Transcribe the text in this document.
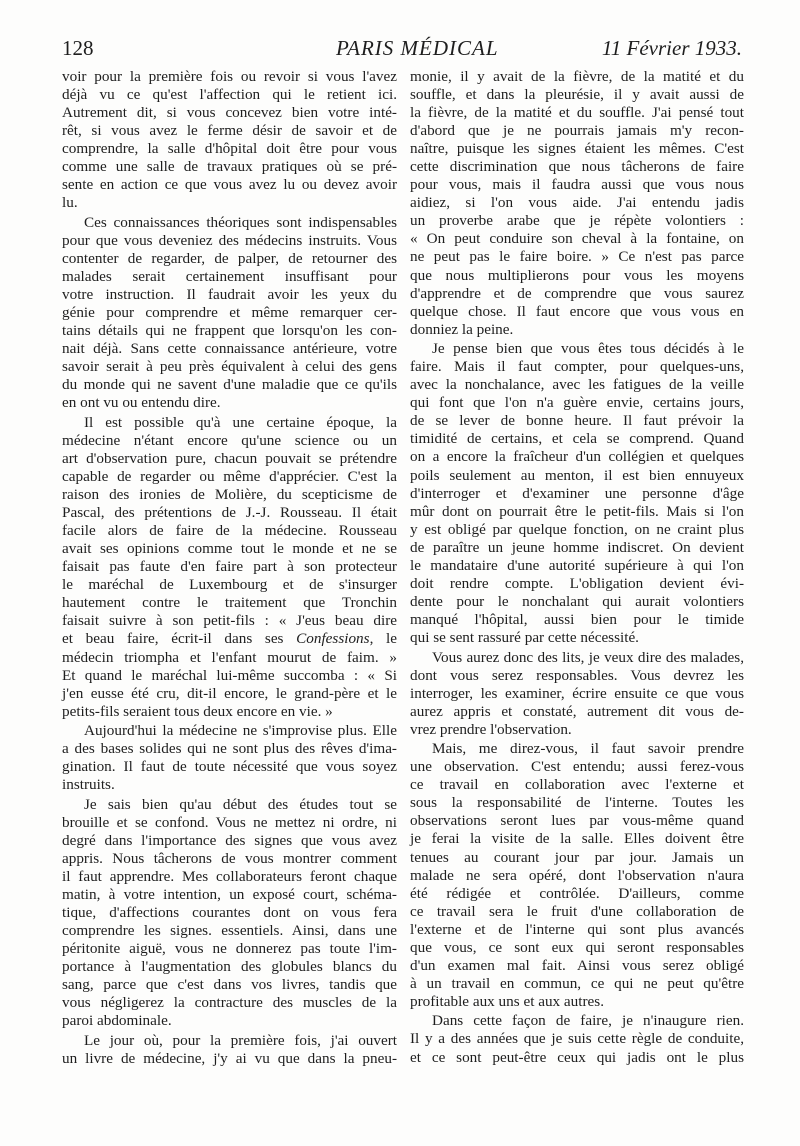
128	PARIS MÉDICAL	11 Février 1933.
voir pour la première fois ou revoir si vous l'avez
déjà vu ce qu'est l'affection qui le retient ici.
Autrement dit, si vous concevez bien votre inté-
rêt, si vous avez le ferme désir de savoir et de
comprendre, la salle d'hôpital doit être pour vous
comme une salle de travaux pratiques où se pré-
sente en action ce que vous avez lu ou devez avoir
lu.
Ces connaissances théoriques sont indispensables
pour que vous deveniez des médecins instruits. Vous
contenter de regarder, de palper, de retourner des
malades serait certainement insuffisant pour
votre instruction. Il faudrait avoir les yeux du
génie pour comprendre et même remarquer cer-
tains détails qui ne frappent que lorsqu'on les con-
nait déjà. Sans cette connaissance antérieure, votre
savoir serait à peu près équivalent à celui des gens
du monde qui ne savent d'une maladie que ce qu'ils
en ont vu ou entendu dire.
Il est possible qu'à une certaine époque, la
médecine n'étant encore qu'une science ou un
art d'observation pure, chacun pouvait se prétendre
capable de regarder ou même d'apprécier. C'est la
raison des ironies de Molière, du scepticisme de
Pascal, des prétentions de J.-J. Rousseau. Il était
facile alors de faire de la médecine. Rousseau
avait ses opinions comme tout le monde et ne se
faisait pas faute d'en faire part à son protecteur
le maréchal de Luxembourg et de s'insurger
hautement contre le traitement que Tronchin
faisait suivre à son petit-fils : « J'eus beau dire
et beau faire, écrit-il dans ses Confessions, le
médecin triompha et l'enfant mourut de faim. »
Et quand le maréchal lui-même succomba : « Si
j'en eusse été cru, dit-il encore, le grand-père et le
petits-fils seraient tous deux encore en vie. »
Aujourd'hui la médecine ne s'improvise plus. Elle
a des bases solides qui ne sont plus des rêves d'ima-
gination. Il faut de toute nécessité que vous soyez
instruits.
Je sais bien qu'au début des études tout se
brouille et se confond. Vous ne mettez ni ordre, ni
degré dans l'importance des signes que vous avez
appris. Nous tâcherons de vous montrer comment
il faut apprendre. Mes collaborateurs feront chaque
matin, à votre intention, un exposé court, schéma-
tique, d'affections courantes dont on vous fera
comprendre les signes. essentiels. Ainsi, dans une
péritonite aiguë, vous ne donnerez pas toute l'im-
portance à l'augmentation des globules blancs du
sang, parce que c'est dans vos livres, tandis que
vous négligerez la contracture des muscles de la
paroi abdominale.
Le jour où, pour la première fois, j'ai ouvert
un livre de médecine, j'y ai vu que dans la pneu-
monie, il y avait de la fièvre, de la matité et du
souffle, et dans la pleurésie, il y avait aussi de
la fièvre, de la matité et du souffle. J'ai pensé tout
d'abord que je ne pourrais jamais m'y recon-
naître, puisque les signes étaient les mêmes. C'est
cette discrimination que nous tâcherons de faire
pour vous, mais il faudra aussi que vous nous
aidiez, si l'on vous aide. J'ai entendu jadis
un proverbe arabe que je répète volontiers :
« On peut conduire son cheval à la fontaine, on
ne peut pas le faire boire. » Ce n'est pas parce
que nous multiplierons pour vous les moyens
d'apprendre et de comprendre que vous saurez
quelque chose. Il faut encore que vous vous en
donniez la peine.
Je pense bien que vous êtes tous décidés à le
faire. Mais il faut compter, pour quelques-uns,
avec la nonchalance, avec les fatigues de la veille
qui font que l'on n'a guère envie, certains jours,
de se lever de bonne heure. Il faut prévoir la
timidité de certains, et cela se comprend. Quand
on a encore la fraîcheur d'un collégien et quelques
poils seulement au menton, il est bien ennuyeux
d'interroger et d'examiner une personne d'âge
mûr dont on pourrait être le petit-fils. Mais si l'on
y est obligé par quelque fonction, on ne craint plus
de paraître un jeune homme indiscret. On devient
le mandataire d'une autorité supérieure à qui l'on
doit rendre compte. L'obligation devient évi-
dente pour le nonchalant qui aurait volontiers
manqué l'hôpital, aussi bien pour le timide
qui se sent rassuré par cette nécessité.
Vous aurez donc des lits, je veux dire des malades,
dont vous serez responsables. Vous devrez les
interroger, les examiner, écrire ensuite ce que vous
aurez appris et constaté, autrement dit vous de-
vrez prendre l'observation.
Mais, me direz-vous, il faut savoir prendre
une observation. C'est entendu; aussi ferez-vous
ce travail en collaboration avec l'externe et
sous la responsabilité de l'interne. Toutes les
observations seront lues par vous-même quand
je ferai la visite de la salle. Elles doivent être
tenues au courant jour par jour. Jamais un
malade ne sera opéré, dont l'observation n'aura
été rédigée et contrôlée. D'ailleurs, comme
ce travail sera le fruit d'une collaboration de
l'externe et de l'interne qui sont plus avancés
que vous, ce sont eux qui seront responsables
d'un examen mal fait. Ainsi vous serez obligé
à un travail en commun, ce qui ne peut qu'être
profitable aux uns et aux autres.
Dans cette façon de faire, je n'inaugure rien.
Il y a des années que je suis cette règle de conduite,
et ce sont peut-être ceux qui jadis ont le plus
